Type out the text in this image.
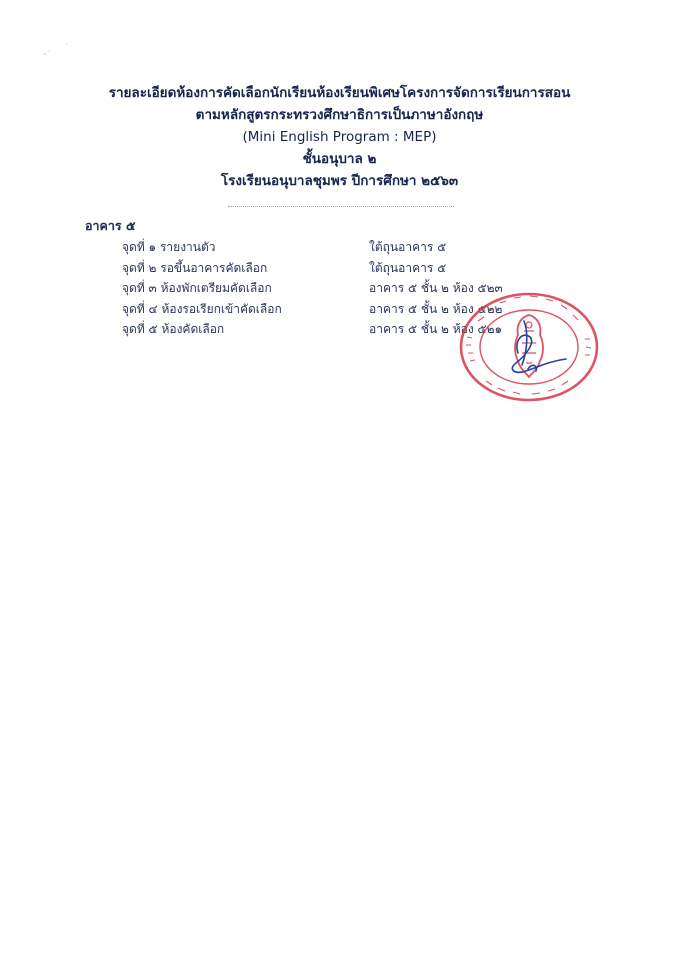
รายละเอียดห้องการคัดเลือกนักเรียนห้องเรียนพิเศษโครงการจัดการเรียนการสอน
ตามหลักสูตรกระทรวงศึกษาธิการเป็นภาษาอังกฤษ
(Mini English Program : MEP)
ชั้นอนุบาล ๒
โรงเรียนอนุบาลชุมพร ปีการศึกษา ๒๕๖๓
อาคาร ๕
จุดที่ ๑ รายงานตัว	ใต้ถุนอาคาร ๕
จุดที่ ๒ รอขึ้นอาคารคัดเลือก	ใต้ถุนอาคาร ๕
จุดที่ ๓ ห้องพักเตรียมคัดเลือก	อาคาร ๕ ชั้น ๒ ห้อง ๕๒๓
จุดที่ ๔ ห้องรอเรียกเข้าคัดเลือก	อาคาร ๕ ชั้น ๒ ห้อง ๕๒๒
จุดที่ ๕ ห้องคัดเลือก	อาคาร ๕ ชั้น ๒ ห้อง ๕๒๑
